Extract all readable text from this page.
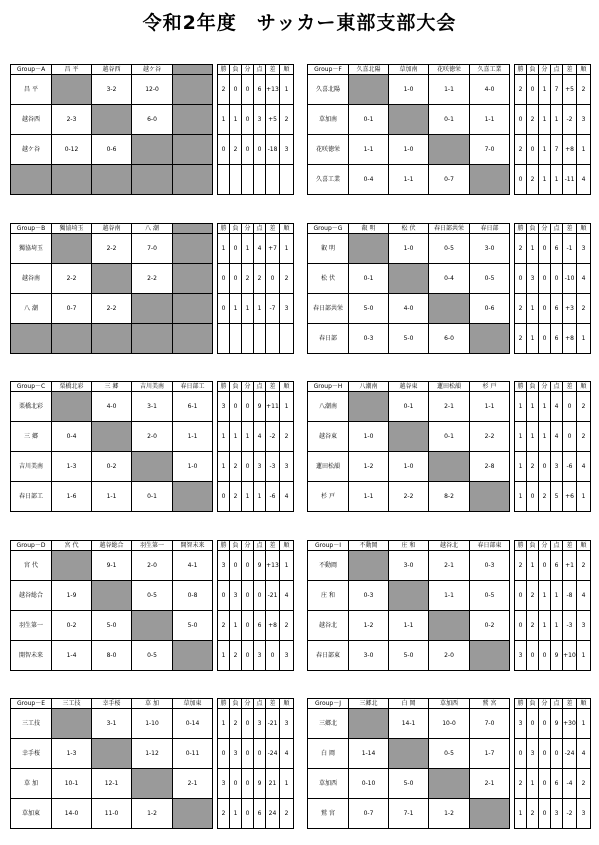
令和2年度　サッカー東部支部大会
Group－A	昌 平	越谷西	越ケ谷			勝	負	分	点	差	順
昌 平		3-2	12-0			2	0	0	6	+13	1
越谷西	2-3		6-0			1	1	0	3	+5	2
越ケ谷	0-12	0-6				0	2	0	0	-18	3

Group－F	久喜北陽	草加南	花咲徳栄	久喜工業		勝	負	分	点	差	順
久喜北陽		1-0	1-1	4-0		2	0	1	7	+5	2
草加南	0-1		0-1	1-1		0	2	1	1	-2	3
花咲徳栄	1-1	1-0		7-0		2	0	1	7	+8	1
久喜工業	0-4	1-1	0-7			0	2	1	1	-11	4
Group－B	獨協埼玉	越谷南	八 潮			勝	負	分	点	差	順
獨協埼玉		2-2	7-0			1	0	1	4	+7	1
越谷南	2-2		2-2			0	0	2	2	0	2
八 潮	0-7	2-2				0	1	1	1	-7	3

Group－G	叡 明	松 伏	春日部共栄	春日部		勝	負	分	点	差	順
叡 明		1-0	0-5	3-0		2	1	0	6	-1	3
松 伏	0-1		0-4	0-5		0	3	0	0	-10	4
春日部共栄	5-0	4-0		0-6		2	1	0	6	+3	2
春日部	0-3	5-0	6-0			2	1	0	6	+8	1
Group－C	栗橋北彩	三 郷	吉川美南	春日部工		勝	負	分	点	差	順
栗橋北彩		4-0	3-1	6-1		3	0	0	9	+11	1
三 郷	0-4		2-0	1-1		1	1	1	4	-2	2
吉川美南	1-3	0-2		1-0		1	2	0	3	-3	3
春日部工	1-6	1-1	0-1			0	2	1	1	-6	4
Group－H	八潮南	越谷東	蓮田松韻	杉 戸		勝	負	分	点	差	順
八潮南		0-1	2-1	1-1		1	1	1	4	0	2
越谷東	1-0		0-1	2-2		1	1	1	4	0	2
蓮田松韻	1-2	1-0		2-8		1	2	0	3	-6	4
杉 戸	1-1	2-2	8-2			1	0	2	5	+6	1
Group－D	宮 代	越谷総合	羽生第一	開智未来		勝	負	分	点	差	順
宮 代		9-1	2-0	4-1		3	0	0	9	+13	1
越谷総合	1-9		0-5	0-8		0	3	0	0	-21	4
羽生第一	0-2	5-0		5-0		2	1	0	6	+8	2
開智未来	1-4	8-0	0-5			1	2	0	3	0	3
Group－I	不動岡	庄 和	越谷北	春日部東		勝	負	分	点	差	順
不動岡		3-0	2-1	0-3		2	1	0	6	+1	2
庄 和	0-3		1-1	0-5		0	2	1	1	-8	4
越谷北	1-2	1-1		0-2		0	2	1	1	-3	3
春日部東	3-0	5-0	2-0			3	0	0	9	+10	1
Group－E	三工技	幸手桜	草 加	草加東		勝	負	分	点	差	順
三工技		3-1	1-10	0-14		1	2	0	3	-21	3
幸手桜	1-3		1-12	0-11		0	3	0	0	-24	4
草 加	10-1	12-1		2-1		3	0	0	9	21	1
草加東	14-0	11-0	1-2			2	1	0	6	24	2
Group－J	三郷北	白 岡	草加西	鷲 宮		勝	負	分	点	差	順
三郷北		14-1	10-0	7-0		3	0	0	9	+30	1
白 岡	1-14		0-5	1-7		0	3	0	0	-24	4
草加西	0-10	5-0		2-1		2	1	0	6	-4	2
鷲 宮	0-7	7-1	1-2			1	2	0	3	-2	3
